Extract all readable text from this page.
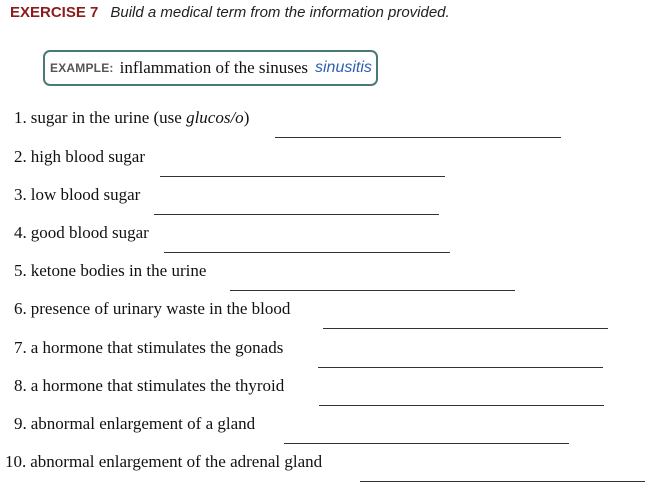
EXERCISE 7 Build a medical term from the information provided.
EXAMPLE: inflammation of the sinuses sinusitis
1. sugar in the urine (use glucos/o)
2. high blood sugar
3. low blood sugar
4. good blood sugar
5. ketone bodies in the urine
6. presence of urinary waste in the blood
7. a hormone that stimulates the gonads
8. a hormone that stimulates the thyroid
9. abnormal enlargement of a gland
10. abnormal enlargement of the adrenal gland
